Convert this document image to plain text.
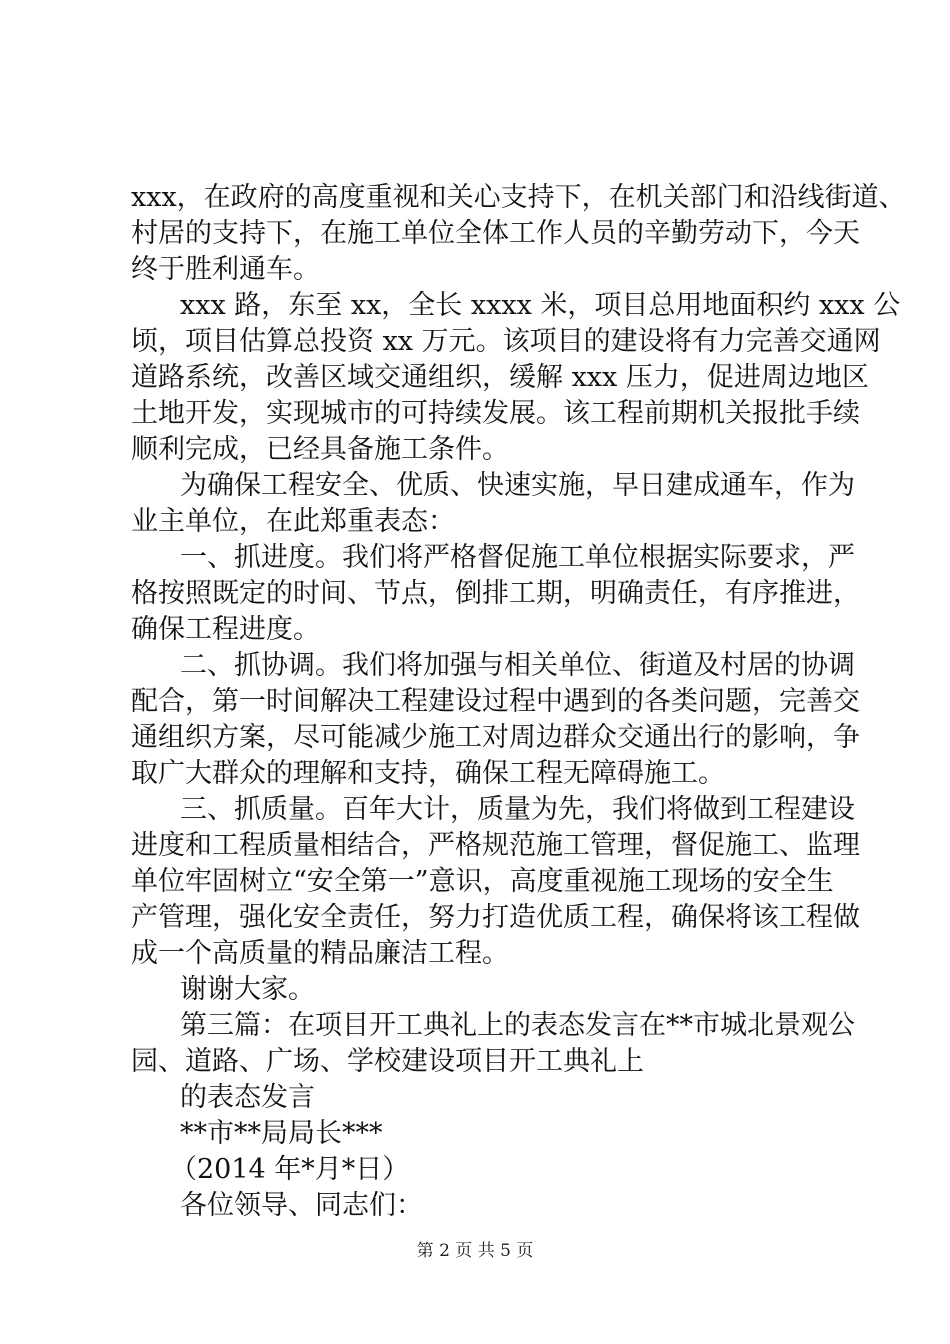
xxx，在政府的高度重视和关心支持下，在机关部门和沿线街道、
村居的支持下，在施工单位全体工作人员的辛勤劳动下，今天
终于胜利通车。
xxx 路，东至 xx，全长 xxxx 米，项目总用地面积约 xxx 公
顷，项目估算总投资 xx 万元。该项目的建设将有力完善交通网
道路系统，改善区域交通组织，缓解 xxx 压力，促进周边地区
土地开发，实现城市的可持续发展。该工程前期机关报批手续
顺利完成，已经具备施工条件。
为确保工程安全、优质、快速实施，早日建成通车，作为
业主单位，在此郑重表态：
一、抓进度。我们将严格督促施工单位根据实际要求，严
格按照既定的时间、节点，倒排工期，明确责任，有序推进，
确保工程进度。
二、抓协调。我们将加强与相关单位、街道及村居的协调
配合，第一时间解决工程建设过程中遇到的各类问题，完善交
通组织方案，尽可能减少施工对周边群众交通出行的影响，争
取广大群众的理解和支持，确保工程无障碍施工。
三、抓质量。百年大计，质量为先，我们将做到工程建设
进度和工程质量相结合，严格规范施工管理，督促施工、监理
单位牢固树立“安全第一”意识，高度重视施工现场的安全生
产管理，强化安全责任，努力打造优质工程，确保将该工程做
成一个高质量的精品廉洁工程。
谢谢大家。
第三篇：在项目开工典礼上的表态发言在**市城北景观公
园、道路、广场、学校建设项目开工典礼上
的表态发言
**市**局局长***
（2014 年*月*日）
各位领导、同志们：
第 2 页 共 5 页
